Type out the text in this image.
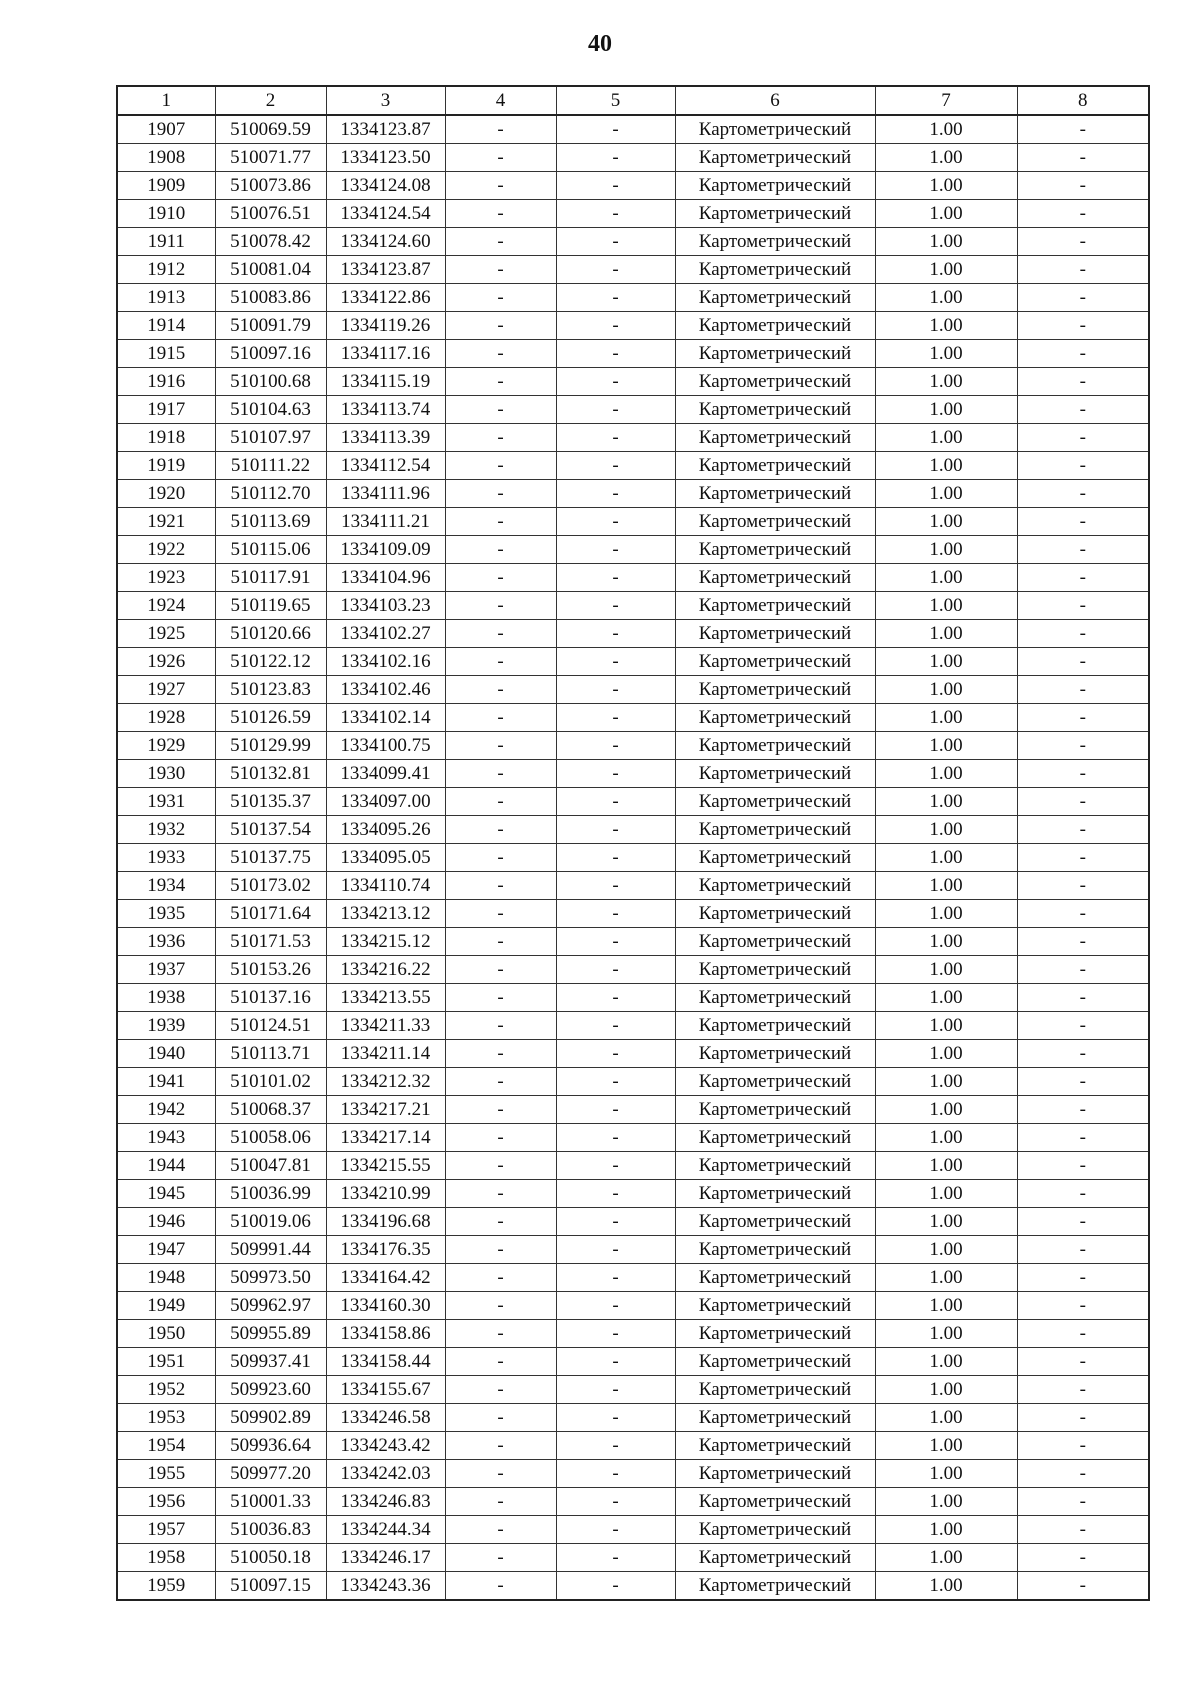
40
1	2	3	4	5	6	7	8
1907	510069.59	1334123.87	-	-	Картометрический	1.00	-
1908	510071.77	1334123.50	-	-	Картометрический	1.00	-
1909	510073.86	1334124.08	-	-	Картометрический	1.00	-
1910	510076.51	1334124.54	-	-	Картометрический	1.00	-
1911	510078.42	1334124.60	-	-	Картометрический	1.00	-
1912	510081.04	1334123.87	-	-	Картометрический	1.00	-
1913	510083.86	1334122.86	-	-	Картометрический	1.00	-
1914	510091.79	1334119.26	-	-	Картометрический	1.00	-
1915	510097.16	1334117.16	-	-	Картометрический	1.00	-
1916	510100.68	1334115.19	-	-	Картометрический	1.00	-
1917	510104.63	1334113.74	-	-	Картометрический	1.00	-
1918	510107.97	1334113.39	-	-	Картометрический	1.00	-
1919	510111.22	1334112.54	-	-	Картометрический	1.00	-
1920	510112.70	1334111.96	-	-	Картометрический	1.00	-
1921	510113.69	1334111.21	-	-	Картометрический	1.00	-
1922	510115.06	1334109.09	-	-	Картометрический	1.00	-
1923	510117.91	1334104.96	-	-	Картометрический	1.00	-
1924	510119.65	1334103.23	-	-	Картометрический	1.00	-
1925	510120.66	1334102.27	-	-	Картометрический	1.00	-
1926	510122.12	1334102.16	-	-	Картометрический	1.00	-
1927	510123.83	1334102.46	-	-	Картометрический	1.00	-
1928	510126.59	1334102.14	-	-	Картометрический	1.00	-
1929	510129.99	1334100.75	-	-	Картометрический	1.00	-
1930	510132.81	1334099.41	-	-	Картометрический	1.00	-
1931	510135.37	1334097.00	-	-	Картометрический	1.00	-
1932	510137.54	1334095.26	-	-	Картометрический	1.00	-
1933	510137.75	1334095.05	-	-	Картометрический	1.00	-
1934	510173.02	1334110.74	-	-	Картометрический	1.00	-
1935	510171.64	1334213.12	-	-	Картометрический	1.00	-
1936	510171.53	1334215.12	-	-	Картометрический	1.00	-
1937	510153.26	1334216.22	-	-	Картометрический	1.00	-
1938	510137.16	1334213.55	-	-	Картометрический	1.00	-
1939	510124.51	1334211.33	-	-	Картометрический	1.00	-
1940	510113.71	1334211.14	-	-	Картометрический	1.00	-
1941	510101.02	1334212.32	-	-	Картометрический	1.00	-
1942	510068.37	1334217.21	-	-	Картометрический	1.00	-
1943	510058.06	1334217.14	-	-	Картометрический	1.00	-
1944	510047.81	1334215.55	-	-	Картометрический	1.00	-
1945	510036.99	1334210.99	-	-	Картометрический	1.00	-
1946	510019.06	1334196.68	-	-	Картометрический	1.00	-
1947	509991.44	1334176.35	-	-	Картометрический	1.00	-
1948	509973.50	1334164.42	-	-	Картометрический	1.00	-
1949	509962.97	1334160.30	-	-	Картометрический	1.00	-
1950	509955.89	1334158.86	-	-	Картометрический	1.00	-
1951	509937.41	1334158.44	-	-	Картометрический	1.00	-
1952	509923.60	1334155.67	-	-	Картометрический	1.00	-
1953	509902.89	1334246.58	-	-	Картометрический	1.00	-
1954	509936.64	1334243.42	-	-	Картометрический	1.00	-
1955	509977.20	1334242.03	-	-	Картометрический	1.00	-
1956	510001.33	1334246.83	-	-	Картометрический	1.00	-
1957	510036.83	1334244.34	-	-	Картометрический	1.00	-
1958	510050.18	1334246.17	-	-	Картометрический	1.00	-
1959	510097.15	1334243.36	-	-	Картометрический	1.00	-
